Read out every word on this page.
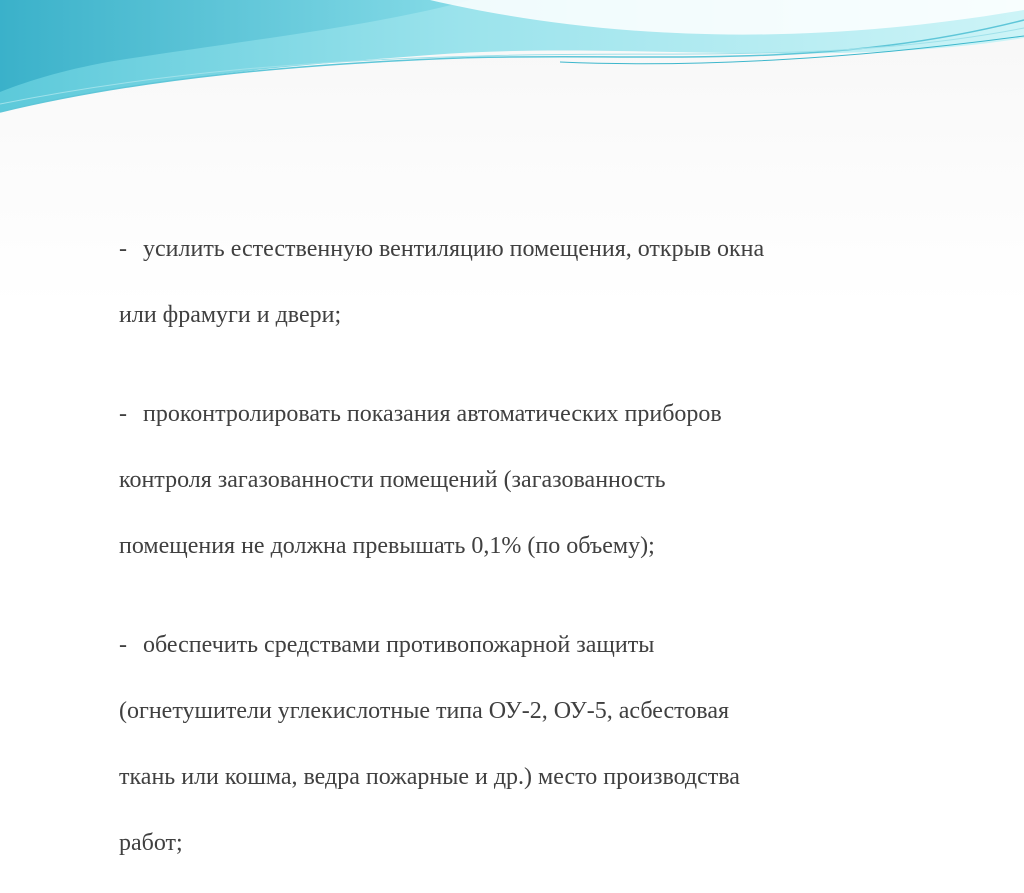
- усилить естественную вентиляцию помещения, открыв окна

или фрамуги и двери;

- проконтролировать показания автоматических приборов

контроля загазованности помещений (загазованность

помещения не должна превышать 0,1% (по объему);

- обеспечить средствами противопожарной защиты

(огнетушители углекислотные типа ОУ-2, ОУ-5, асбестовая

ткань или кошма, ведра пожарные и др.) место производства

работ;
